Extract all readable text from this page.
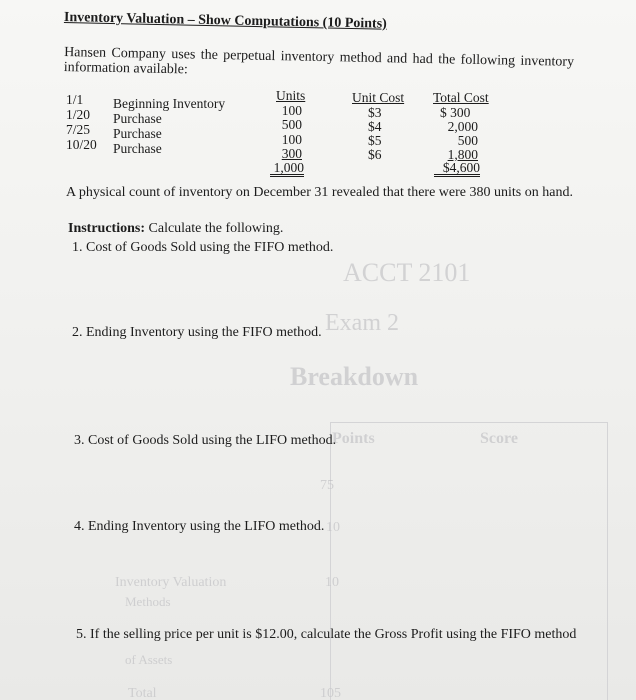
ACCT 2101
Exam 2
Breakdown
Points	Score
75
10
Inventory Valuation	10
Methods
of Assets
Total	105
Inventory Valuation – Show Computations (10 Points)
Hansen Company uses the perpetual inventory method and had the following inventory information available:
Units	Unit Cost Total Cost
1/1 Beginning Inventory	100	$3	$ 300
1/20 Purchase	500	$4	2,000
7/25 Purchase	100	$5	500
10/20 Purchase	300	$6	1,800
1,000	$4,600
A physical count of inventory on December 31 revealed that there were 380 units on hand.
Instructions: Calculate the following.
1. Cost of Goods Sold using the FIFO method.
2. Ending Inventory using the FIFO method.
3. Cost of Goods Sold using the LIFO method.
4. Ending Inventory using the LIFO method.
5. If the selling price per unit is $12.00, calculate the Gross Profit using the FIFO method
